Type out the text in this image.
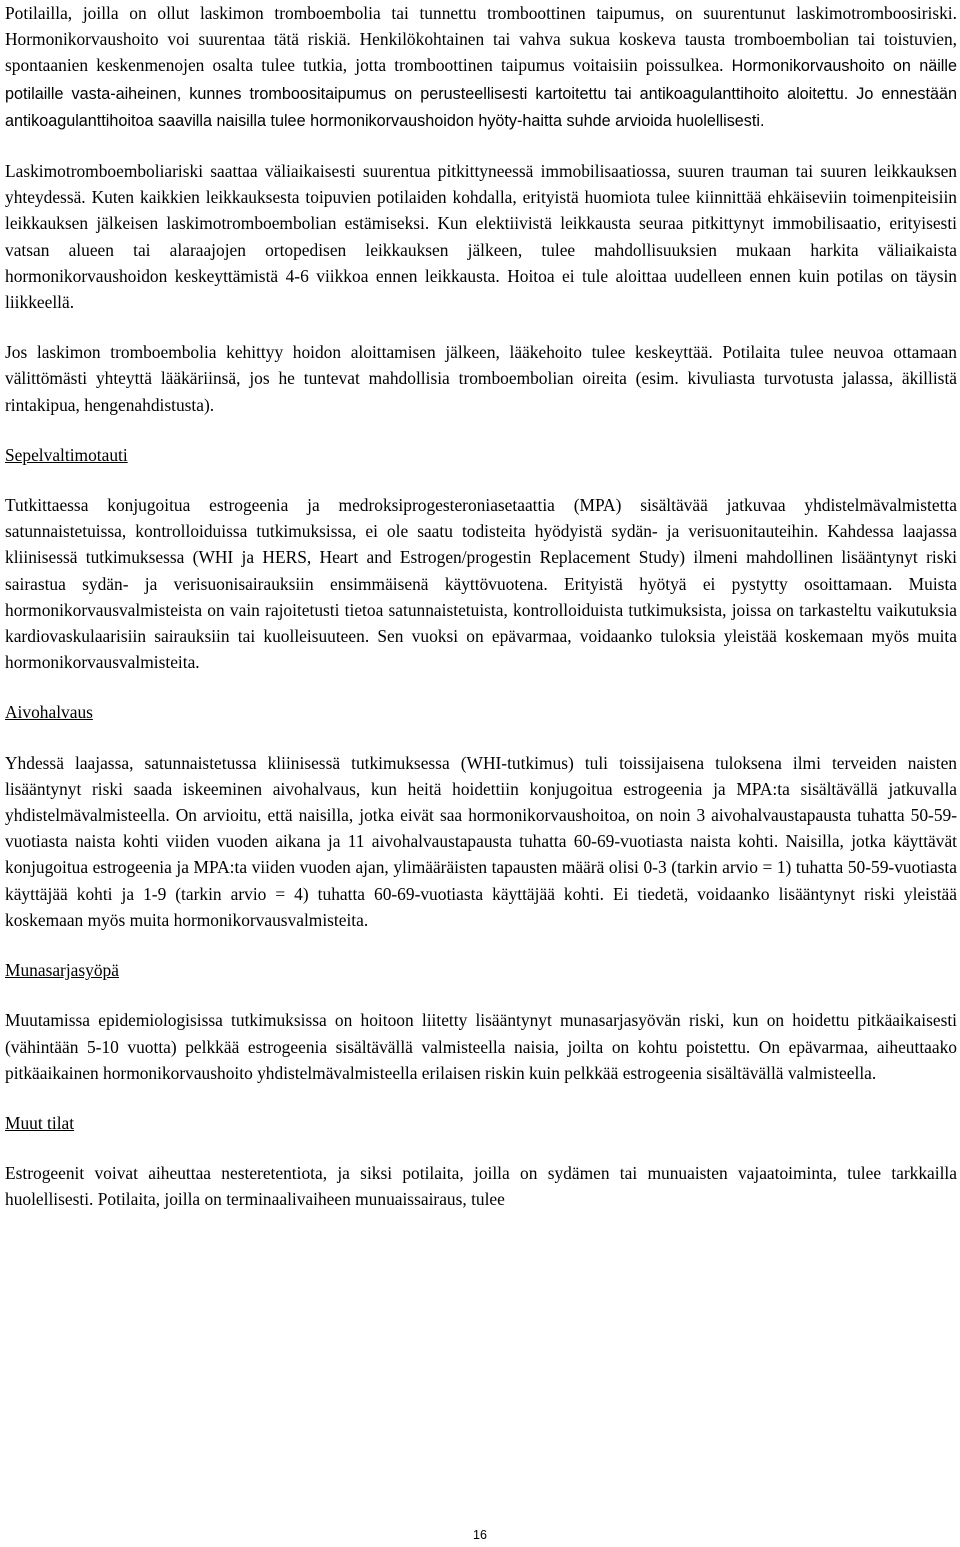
Potilailla, joilla on ollut laskimon tromboembolia tai tunnettu tromboottinen taipumus, on suurentunut laskimotromboosiriski. Hormonikorvaushoito voi suurentaa tätä riskiä. Henkilökohtainen tai vahva sukua koskeva tausta tromboembolian tai toistuvien, spontaanien keskenmenojen osalta tulee tutkia, jotta tromboottinen taipumus voitaisiin poissulkea. Hormonikorvaushoito on näille potilaille vasta-aiheinen, kunnes tromboositaipumus on perusteellisesti kartoitettu tai antikoagulanttihoito aloitettu. Jo ennestään antikoagulanttihoitoa saavilla naisilla tulee hormonikorvaushoidon hyöty-haitta suhde arvioida huolellisesti.

Laskimotromboemboliariski saattaa väliaikaisesti suurentua pitkittyneessä immobilisaatiossa, suuren trauman tai suuren leikkauksen yhteydessä. Kuten kaikkien leikkauksesta toipuvien potilaiden kohdalla, erityistä huomiota tulee kiinnittää ehkäiseviin toimenpiteisiin leikkauksen jälkeisen laskimotromboembolian estämiseksi. Kun elektiivistä leikkausta seuraa pitkittynyt immobilisaatio, erityisesti vatsan alueen tai alaraajojen ortopedisen leikkauksen jälkeen, tulee mahdollisuuksien mukaan harkita väliaikaista hormonikorvaushoidon keskeyttämistä 4-6 viikkoa ennen leikkausta. Hoitoa ei tule aloittaa uudelleen ennen kuin potilas on täysin liikkeellä.

Jos laskimon tromboembolia kehittyy hoidon aloittamisen jälkeen, lääkehoito tulee keskeyttää. Potilaita tulee neuvoa ottamaan välittömästi yhteyttä lääkäriinsä, jos he tuntevat mahdollisia tromboembolian oireita (esim. kivuliasta turvotusta jalassa, äkillistä rintakipua, hengenahdistusta).

Sepelvaltimotauti

Tutkittaessa konjugoitua estrogeenia ja medroksiprogesteroniasetaattia (MPA) sisältävää jatkuvaa yhdistelmävalmistetta satunnaistetuissa, kontrolloiduissa tutkimuksissa, ei ole saatu todisteita hyödyistä sydän- ja verisuonitauteihin. Kahdessa laajassa kliinisessä tutkimuksessa (WHI ja HERS, Heart and Estrogen/progestin Replacement Study) ilmeni mahdollinen lisääntynyt riski sairastua sydän- ja verisuonisairauksiin ensimmäisenä käyttövuotena. Erityistä hyötyä ei pystytty osoittamaan. Muista hormonikorvausvalmisteista on vain rajoitetusti tietoa satunnaistetuista, kontrolloiduista tutkimuksista, joissa on tarkasteltu vaikutuksia kardiovaskulaarisiin sairauksiin tai kuolleisuuteen. Sen vuoksi on epävarmaa, voidaanko tuloksia yleistää koskemaan myös muita hormonikorvausvalmisteita.

Aivohalvaus

Yhdessä laajassa, satunnaistetussa kliinisessä tutkimuksessa (WHI-tutkimus) tuli toissijaisena tuloksena ilmi terveiden naisten lisääntynyt riski saada iskeeminen aivohalvaus, kun heitä hoidettiin konjugoitua estrogeenia ja MPA:ta sisältävällä jatkuvalla yhdistelmävalmisteella. On arvioitu, että naisilla, jotka eivät saa hormonikorvaushoitoa, on noin 3 aivohalvaustapausta tuhatta 50-59-vuotiasta naista kohti viiden vuoden aikana ja 11 aivohalvaustapausta tuhatta 60-69-vuotiasta naista kohti. Naisilla, jotka käyttävät konjugoitua estrogeenia ja MPA:ta viiden vuoden ajan, ylimääräisten tapausten määrä olisi 0-3 (tarkin arvio = 1) tuhatta 50-59-vuotiasta käyttäjää kohti ja 1-9 (tarkin arvio = 4) tuhatta 60-69-vuotiasta käyttäjää kohti. Ei tiedetä, voidaanko lisääntynyt riski yleistää koskemaan myös muita hormonikorvausvalmisteita.

Munasarjasyöpä

Muutamissa epidemiologisissa tutkimuksissa on hoitoon liitetty lisääntynyt munasarjasyövän riski, kun on hoidettu pitkäaikaisesti (vähintään 5-10 vuotta) pelkkää estrogeenia sisältävällä valmisteella naisia, joilta on kohtu poistettu. On epävarmaa, aiheuttaako pitkäaikainen hormonikorvaushoito yhdistelmävalmisteella erilaisen riskin kuin pelkkää estrogeenia sisältävällä valmisteella.

Muut tilat

Estrogeenit voivat aiheuttaa nesteretentiota, ja siksi potilaita, joilla on sydämen tai munuaisten vajaatoiminta, tulee tarkkailla huolellisesti. Potilaita, joilla on terminaalivaiheen munuaissairaus, tulee

16
